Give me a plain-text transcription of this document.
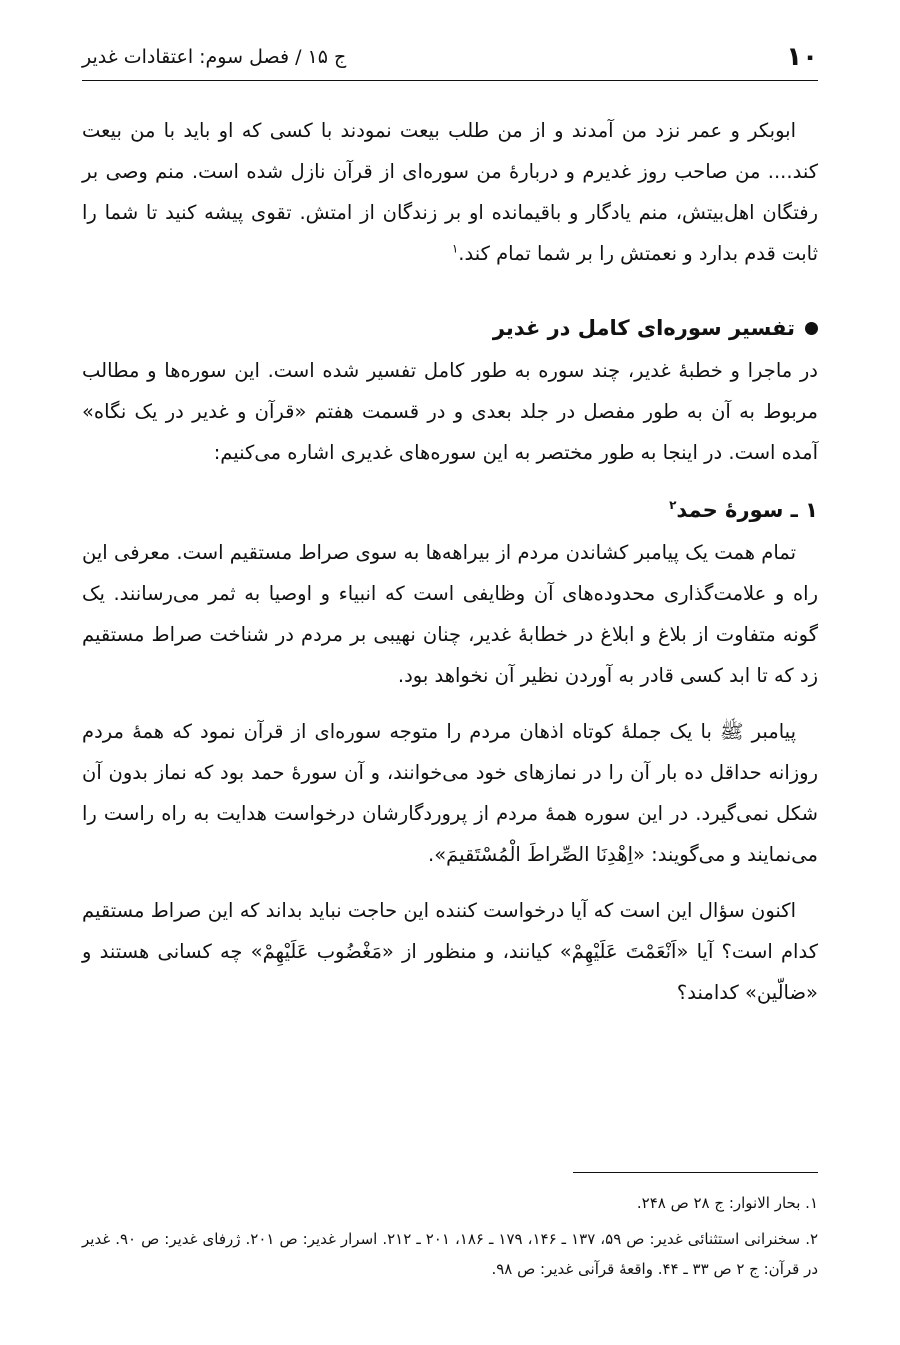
۱۰
ج ۱۵ / فصل سوم: اعتقادات غدیر

ابوبکر و عمر نزد من آمدند و از من طلب بیعت نمودند با کسی که او باید با من بیعت کند.... من صاحب روز غدیرم و دربارهٔ من سوره‌ای از قرآن نازل شده است. منم وصی بر رفتگان اهل‌بیتش، منم یادگار و باقیمانده او بر زندگان از امتش. تقوی پیشه کنید تا شما را ثابت قدم بدارد و نعمتش را بر شما تمام کند.$^۱$

تفسیر سوره‌ای کامل در غدیر

در ماجرا و خطبهٔ غدیر، چند سوره به طور کامل تفسیر شده است. این سوره‌ها و مطالب مربوط به آن به طور مفصل در جلد بعدی و در قسمت هفتم «قرآن و غدیر در یک نگاه» آمده است. در اینجا به طور مختصر به این سوره‌های غدیری اشاره می‌کنیم:

۱ ـ سورهٔ حمد$^۲$

تمام همت یک پیامبر کشاندن مردم از بیراهه‌ها به سوی صراط مستقیم است. معرفی این راه و علامت‌گذاری محدوده‌های آن وظایفی است که انبیاء و اوصیا به ثمر می‌رسانند. یک گونه متفاوت از بلاغ و ابلاغ در خطابهٔ غدیر، چنان نهیبی بر مردم در شناخت صراط مستقیم زد که تا ابد کسی قادر به آوردن نظیر آن نخواهد بود.

پیامبر ﷺ با یک جملهٔ کوتاه اذهان مردم را متوجه سوره‌ای از قرآن نمود که همهٔ مردم روزانه حداقل ده بار آن را در نمازهای خود می‌خوانند، و آن سورهٔ حمد بود که نماز بدون آن شکل نمی‌گیرد. در این سوره همهٔ مردم از پروردگارشان درخواست هدایت به راه راست را می‌نمایند و می‌گویند: «اِهْدِنَا الصِّراطَ الْمُسْتَقیمَ».

اکنون سؤال این است که آیا درخواست کننده این حاجت نباید بداند که این صراط مستقیم کدام است؟ آیا «اَنْعَمْتَ عَلَیْهِمْ» کیانند، و منظور از «مَغْضُوب عَلَیْهِمْ» چه کسانی هستند و «ضالّین» کدامند؟

۱. بحار الانوار: ج ۲۸ ص ۲۴۸.

۲. سخنرانی استثنائی غدیر: ص ۵۹، ۱۳۷ ـ ۱۴۶، ۱۷۹ ـ ۱۸۶، ۲۰۱ ـ ۲۱۲. اسرار غدیر: ص ۲۰۱. ژرفای غدیر: ص ۹۰. غدیر در قرآن: ج ۲ ص ۳۳ ـ ۴۴. واقعهٔ قرآنی غدیر: ص ۹۸.
